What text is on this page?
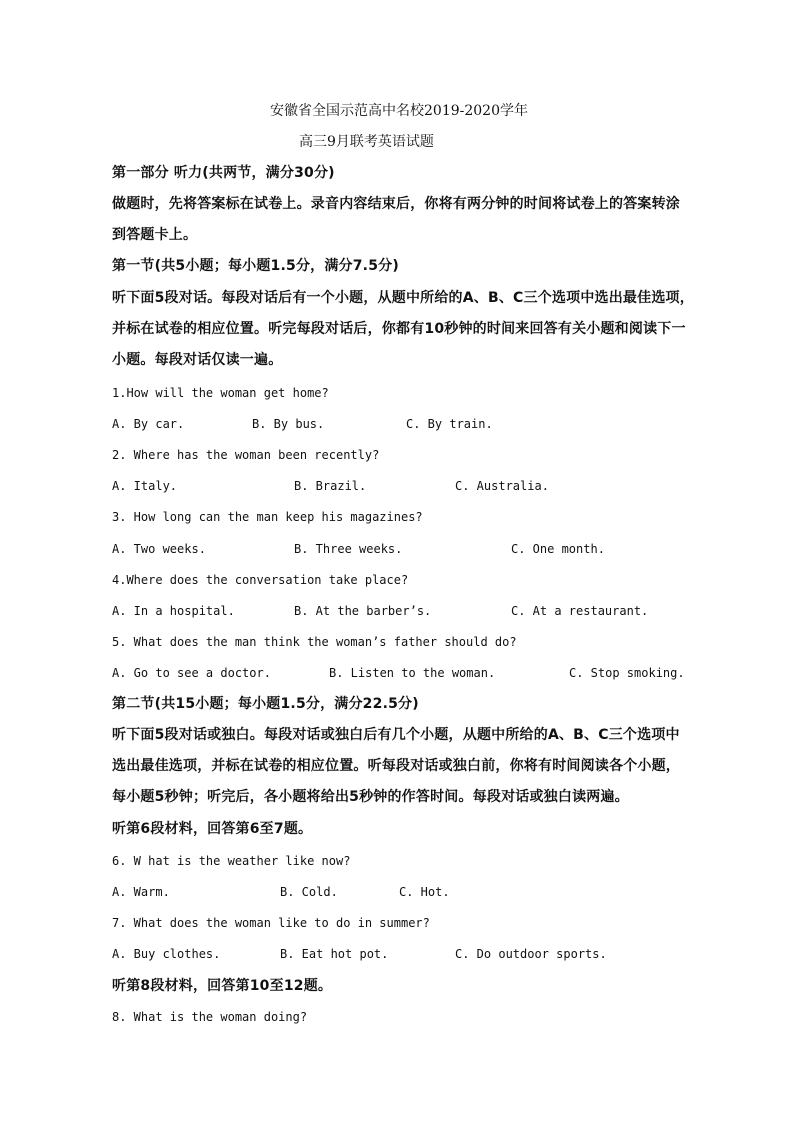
安徽省全国示范高中名校2019-2020学年
高三9月联考英语试题
第一部分 听力(共两节，满分30分)
做题时，先将答案标在试卷上。录音内容结束后，你将有两分钟的时间将试卷上的答案转涂
到答题卡上。
第一节(共5小题；每小题1.5分，满分7.5分)
听下面5段对话。每段对话后有一个小题，从题中所给的A、B、C三个选项中选出最佳选项，
并标在试卷的相应位置。听完每段对话后，你都有10秒钟的时间来回答有关小题和阅读下一
小题。每段对话仅读一遍。
1.How will the woman get home?
A. By car.	B. By bus.	C. By train.
2. Where has the woman been recently?
A. Italy.	B. Brazil.	C. Australia.
3. How long can the man keep his magazines?
A. Two weeks.	B. Three weeks.	C. One month.
4.Where does the conversation take place?
A. In a hospital.	B. At the barber’s.	C. At a restaurant.
5. What does the man think the woman’s father should do?
A. Go to see a doctor.	B. Listen to the woman.	C. Stop smoking.
第二节(共15小题；每小题1.5分，满分22.5分)
听下面5段对话或独白。每段对话或独白后有几个小题，从题中所给的A、B、C三个选项中
选出最佳选项，并标在试卷的相应位置。听每段对话或独白前，你将有时间阅读各个小题，
每小题5秒钟；听完后，各小题将给出5秒钟的作答时间。每段对话或独白读两遍。
听第6段材料，回答第6至7题。
6. W hat is the weather like now?
A. Warm.	B. Cold.	C. Hot.
7. What does the woman like to do in summer?
A. Buy clothes.	B. Eat hot pot.	C. Do outdoor sports.
听第8段材料，回答第10至12题。
8. What is the woman doing?
